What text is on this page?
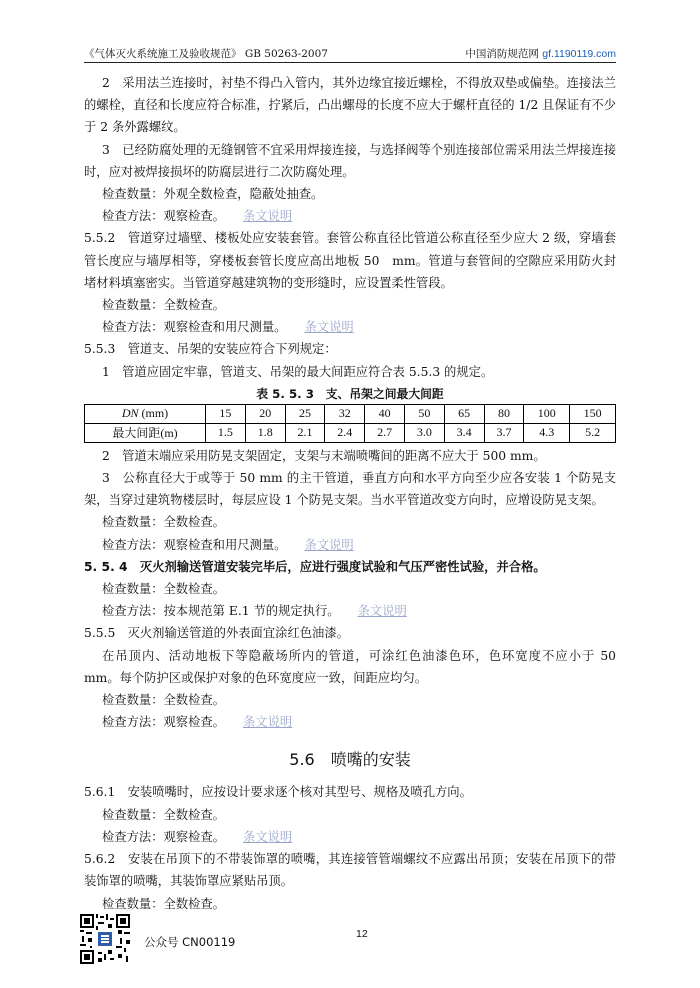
《气体灭火系统施工及验收规范》 GB 50263-2007	中国消防规范网 gf.1190119.com

2　采用法兰连接时，衬垫不得凸入管内，其外边缘宜接近螺栓，不得放双垫或偏垫。连接法兰的螺栓，直径和长度应符合标准，拧紧后，凸出螺母的长度不应大于螺杆直径的 1/2 且保证有不少于 2 条外露螺纹。

3　已经防腐处理的无缝钢管不宜采用焊接连接，与选择阀等个别连接部位需采用法兰焊接连接时，应对被焊接损坏的防腐层进行二次防腐处理。

检查数量：外观全数检查，隐蔽处抽查。

检查方法：观察检查。 条文说明

5.5.2　管道穿过墙壁、楼板处应安装套管。套管公称直径比管道公称直径至少应大 2 级，穿墙套管长度应与墙厚相等，穿楼板套管长度应高出地板 50　mm。管道与套管间的空隙应采用防火封堵材料填塞密实。当管道穿越建筑物的变形缝时，应设置柔性管段。

检查数量：全数检查。

检查方法：观察检查和用尺测量。 条文说明

5.5.3　管道支、吊架的安装应符合下列规定：

1　管道应固定牢靠，管道支、吊架的最大间距应符合表 5.5.3 的规定。

表 5. 5. 3　支、吊架之间最大间距
DN (mm)	15	20	25	32	40	50	65	80	100	150
最大间距(m)	1.5	1.8	2.1	2.4	2.7	3.0	3.4	3.7	4.3	5.2

2　管道末端应采用防晃支架固定，支架与末端喷嘴间的距离不应大于 500 mm。

3　公称直径大于或等于 50 mm 的主干管道，垂直方向和水平方向至少应各安装 1 个防晃支架，当穿过建筑物楼层时，每层应设 1 个防晃支架。当水平管道改变方向时，应增设防晃支架。

检查数量：全数检查。

检查方法：观察检查和用尺测量。 条文说明

5. 5. 4　灭火剂输送管道安装完毕后，应进行强度试验和气压严密性试验，并合格。

检查数量：全数检查。

检查方法：按本规范第 E.1 节的规定执行。 条文说明

5.5.5　灭火剂输送管道的外表面宜涂红色油漆。

在吊顶内、活动地板下等隐蔽场所内的管道，可涂红色油漆色环，色环宽度不应小于 50 mm。每个防护区或保护对象的色环宽度应一致，间距应均匀。

检查数量：全数检查。

检查方法：观察检查。 条文说明

5.6　喷嘴的安装

5.6.1　安装喷嘴时，应按设计要求逐个核对其型号、规格及喷孔方向。

检查数量：全数检查。

检查方法：观察检查。 条文说明

5.6.2　安装在吊顶下的不带装饰罩的喷嘴，其连接管管端螺纹不应露出吊顶；安装在吊顶下的带装饰罩的喷嘴，其装饰罩应紧贴吊顶。

检查数量：全数检查。

公众号 CN00119
12
